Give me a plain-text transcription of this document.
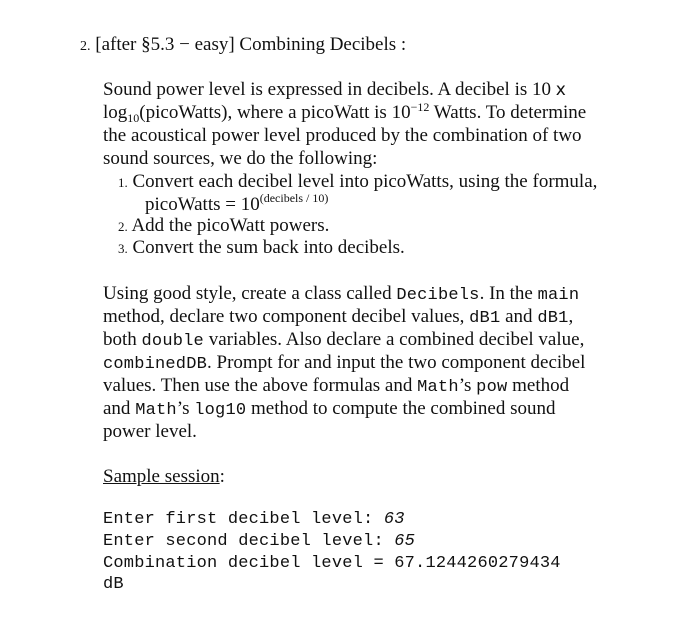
2. [after §5.3 − easy] Combining Decibels :
Sound power level is expressed in decibels. A decibel is 10 x
$\log_{10}(picoWatts)$, where a picoWatt is $10^{-12}$ Watts. To determine
the acoustical power level produced by the combination of two
sound sources, we do the following:
1. Convert each decibel level into picoWatts, using the formula,
picoWatts = $10^{(decibels / 10)}$
2. Add the picoWatt powers.
3. Convert the sum back into decibels.
Using good style, create a class called Decibels. In the main
method, declare two component decibel values, dB1 and dB1,
both double variables. Also declare a combined decibel value,
combinedDB. Prompt for and input the two component decibel
values. Then use the above formulas and Math’s pow method
and Math’s log10 method to compute the combined sound
power level.
Sample session:
Enter first decibel level: 63
Enter second decibel level: 65
Combination decibel level = 67.1244260279434
dB
